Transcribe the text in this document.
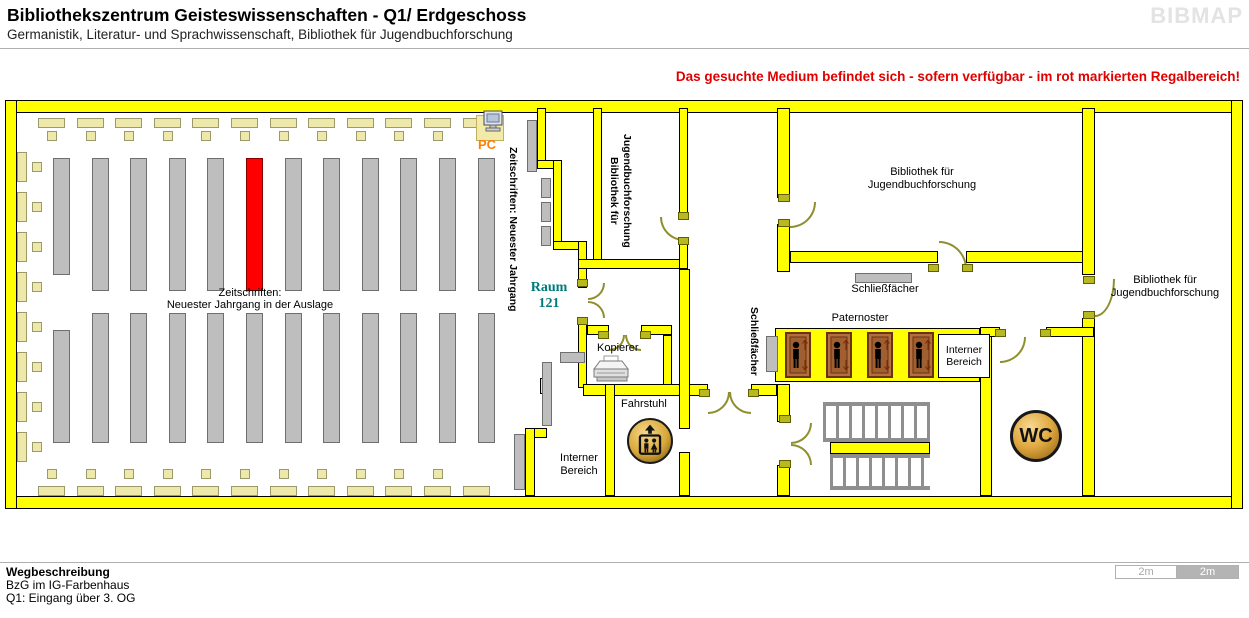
BIBMAP
Bibliothekszentrum Geisteswissenschaften - Q1/ Erdgeschoss
Germanistik, Literatur- und Sprachwissenschaft, Bibliothek für Jugendbuchforschung
Das gesuchte Medium befindet sich - sofern verfügbar - im rot markierten Regalbereich!
PC
WC
Interner
Bereich
Zeitschriften:
Neuester Jahrgang in der Auslage	Zeitschriften: Neuester Jahrgang Raum
121
Bibliothek für Jugendbuchforschung
Kopierer
Fahrstuhl
Interner
Bereich
Schließfächer
Schließfächer
Paternoster
Bibliothek für
Jugendbuchforschung
Bibliothek für
Jugendbuchforschung
Wegbeschreibung
BzG im IG-Farbenhaus
Q1: Eingang über 3. OG
2m	2m
